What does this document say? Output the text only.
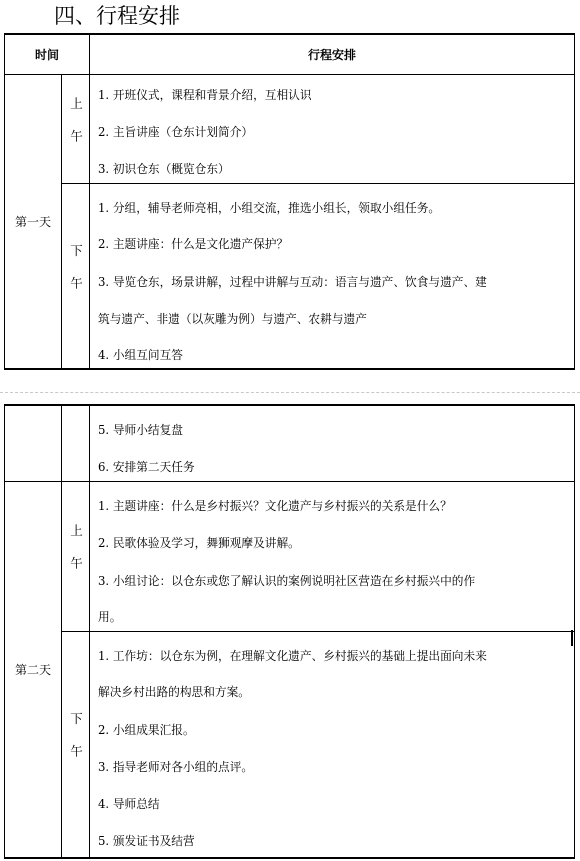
四、行程安排
时间	行程安排
第一天
上午
下午
1. 开班仪式，课程和背景介绍，互相认识
2. 主旨讲座（仓东计划简介）
3. 初识仓东（概览仓东）
1. 分组，辅导老师亮相，小组交流，推选小组长，领取小组任务。
2. 主题讲座：什么是文化遗产保护？
3. 导览仓东，场景讲解，过程中讲解与互动：语言与遗产、饮食与遗产、建
筑与遗产、非遗（以灰雕为例）与遗产、农耕与遗产
4. 小组互问互答
5. 导师小结复盘
6. 安排第二天任务
第二天
上午
下午
1. 主题讲座：什么是乡村振兴？文化遗产与乡村振兴的关系是什么？
2. 民歌体验及学习，舞狮观摩及讲解。
3. 小组讨论：以仓东或您了解认识的案例说明社区营造在乡村振兴中的作
用。
1. 工作坊：以仓东为例，在理解文化遗产、乡村振兴的基础上提出面向未来
解决乡村出路的构思和方案。
2. 小组成果汇报。
3. 指导老师对各小组的点评。
4. 导师总结
5. 颁发证书及结营
